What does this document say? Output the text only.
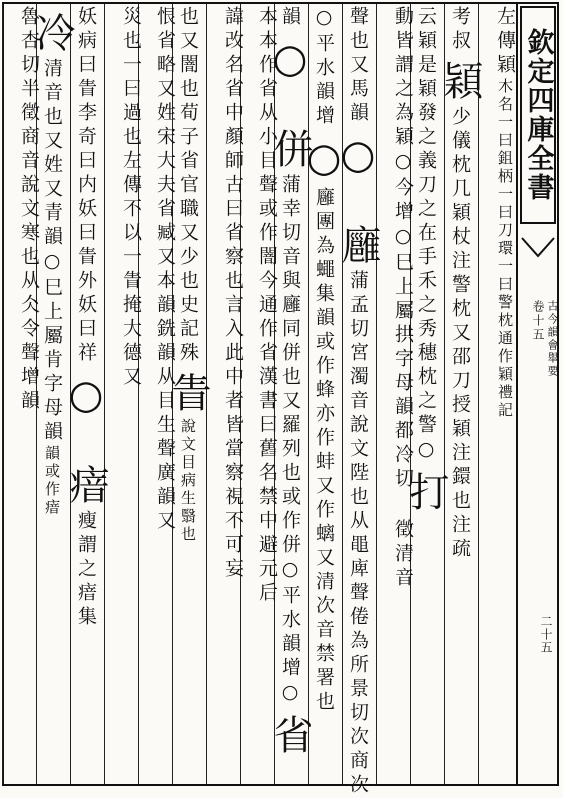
欽定四庫全書
古今韻會舉要
卷十五
二十五
左傳穎木名一曰鉏柄一曰刀環一曰警枕通作穎禮記
考叔穎少儀枕几穎杖注警枕又邵刀授穎注鐶也注疏
云穎是穎發之義刀之在手禾之秀穗枕之警○打
動皆謂之為穎○今增○巳上屬拱字母韻都冷切 徵清音
聲也又馬韻○ 廱蒲孟切宮濁音說文陛也从黽庳聲倦為所景切次商次
○平水韻增○廱團為蠅集韻或作蜂亦作蚌又作螭又清次音禁署也
韻○ 併蒲幸切音與廱同併也又羅列也或作併○平水韻增○省
本本作省从小目聲或作闇今通作省漢書曰舊名禁中避元后
諱改名省中顏師古曰省察也言入此中者皆當察視不可妄
也又闇也荀子省官職又少也史記殊眚說文目病生翳也
恨省略又姓宋大夫省臧又本韻銑韻从目生聲廣韻又
災也一曰過也左傳不以一眚掩大德又
妖病曰眚李奇曰内妖曰眚外妖曰祥○ 瘖瘦謂之瘖集
冷清音也又姓又青韻○巳上屬肯字母韻韻或作瘖
魯杏切半徵商音說文寒也从仌令聲增韻
